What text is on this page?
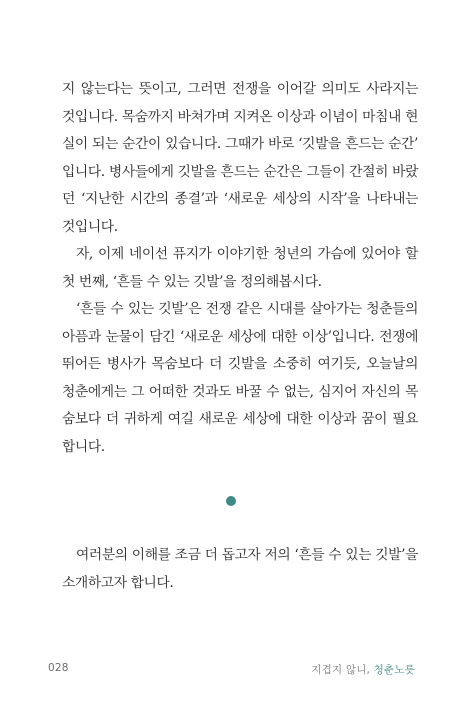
지 않는다는 뜻이고, 그러면 전쟁을 이어갈 의미도 사라지는
것입니다. 목숨까지 바쳐가며 지켜온 이상과 이념이 마침내 현
실이 되는 순간이 있습니다. 그때가 바로 ‘깃발을 흔드는 순간’
입니다. 병사들에게 깃발을 흔드는 순간은 그들이 간절히 바랐
던 ‘지난한 시간의 종결’과 ‘새로운 세상의 시작’을 나타내는
것입니다.
자, 이제 네이선 퓨지가 이야기한 청년의 가슴에 있어야 할
첫 번째, ‘흔들 수 있는 깃발’을 정의해봅시다.
‘흔들 수 있는 깃발’은 전쟁 같은 시대를 살아가는 청춘들의
아픔과 눈물이 담긴 ‘새로운 세상에 대한 이상’입니다. 전쟁에
뛰어든 병사가 목숨보다 더 깃발을 소중히 여기듯, 오늘날의
청춘에게는 그 어떠한 것과도 바꿀 수 없는, 심지어 자신의 목
숨보다 더 귀하게 여길 새로운 세상에 대한 이상과 꿈이 필요
합니다.
여러분의 이해를 조금 더 돕고자 저의 ‘흔들 수 있는 깃발’을
소개하고자 합니다.
028	지겹지 않니, 청춘노릇
